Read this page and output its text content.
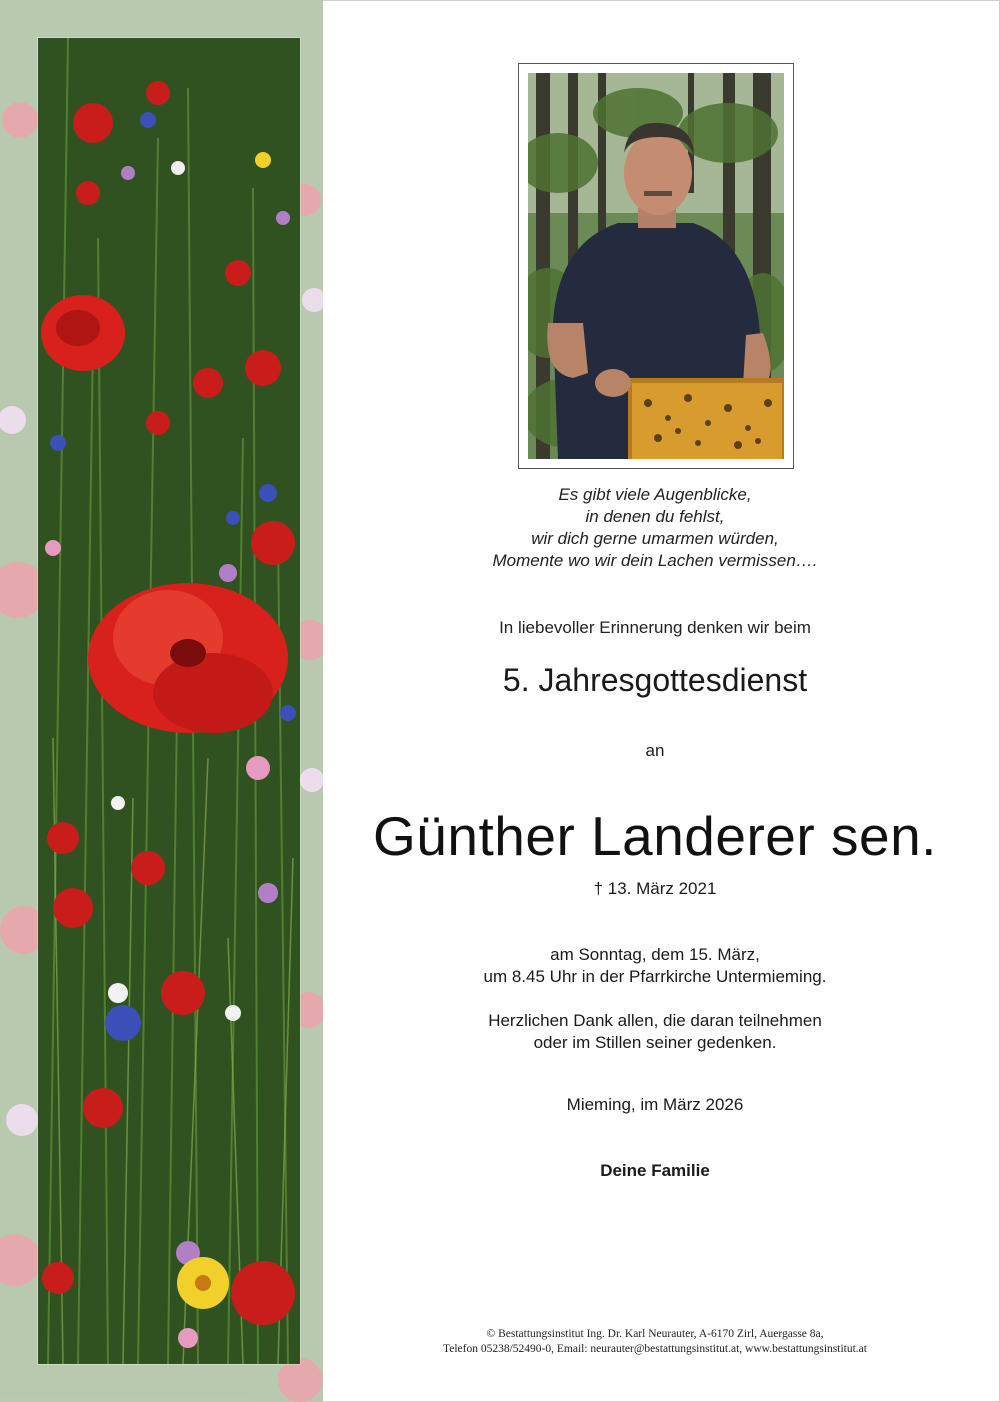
Es gibt viele Augenblicke,
in denen du fehlst,
wir dich gerne umarmen würden,
Momente wo wir dein Lachen vermissen….
In liebevoller Erinnerung denken wir beim
5. Jahresgottesdienst
an
Günther Landerer sen.
† 13. März 2021
am Sonntag, dem 15. März,
um 8.45 Uhr in der Pfarrkirche Untermieming.
Herzlichen Dank allen, die daran teilnehmen
oder im Stillen seiner gedenken.
Mieming, im März 2026
Deine Familie
© Bestattungsinstitut Ing. Dr. Karl Neurauter, A-6170 Zirl, Auergasse 8a,
Telefon 05238/52490-0, Email: neurauter@bestattungsinstitut.at, www.bestattungsinstitut.at
